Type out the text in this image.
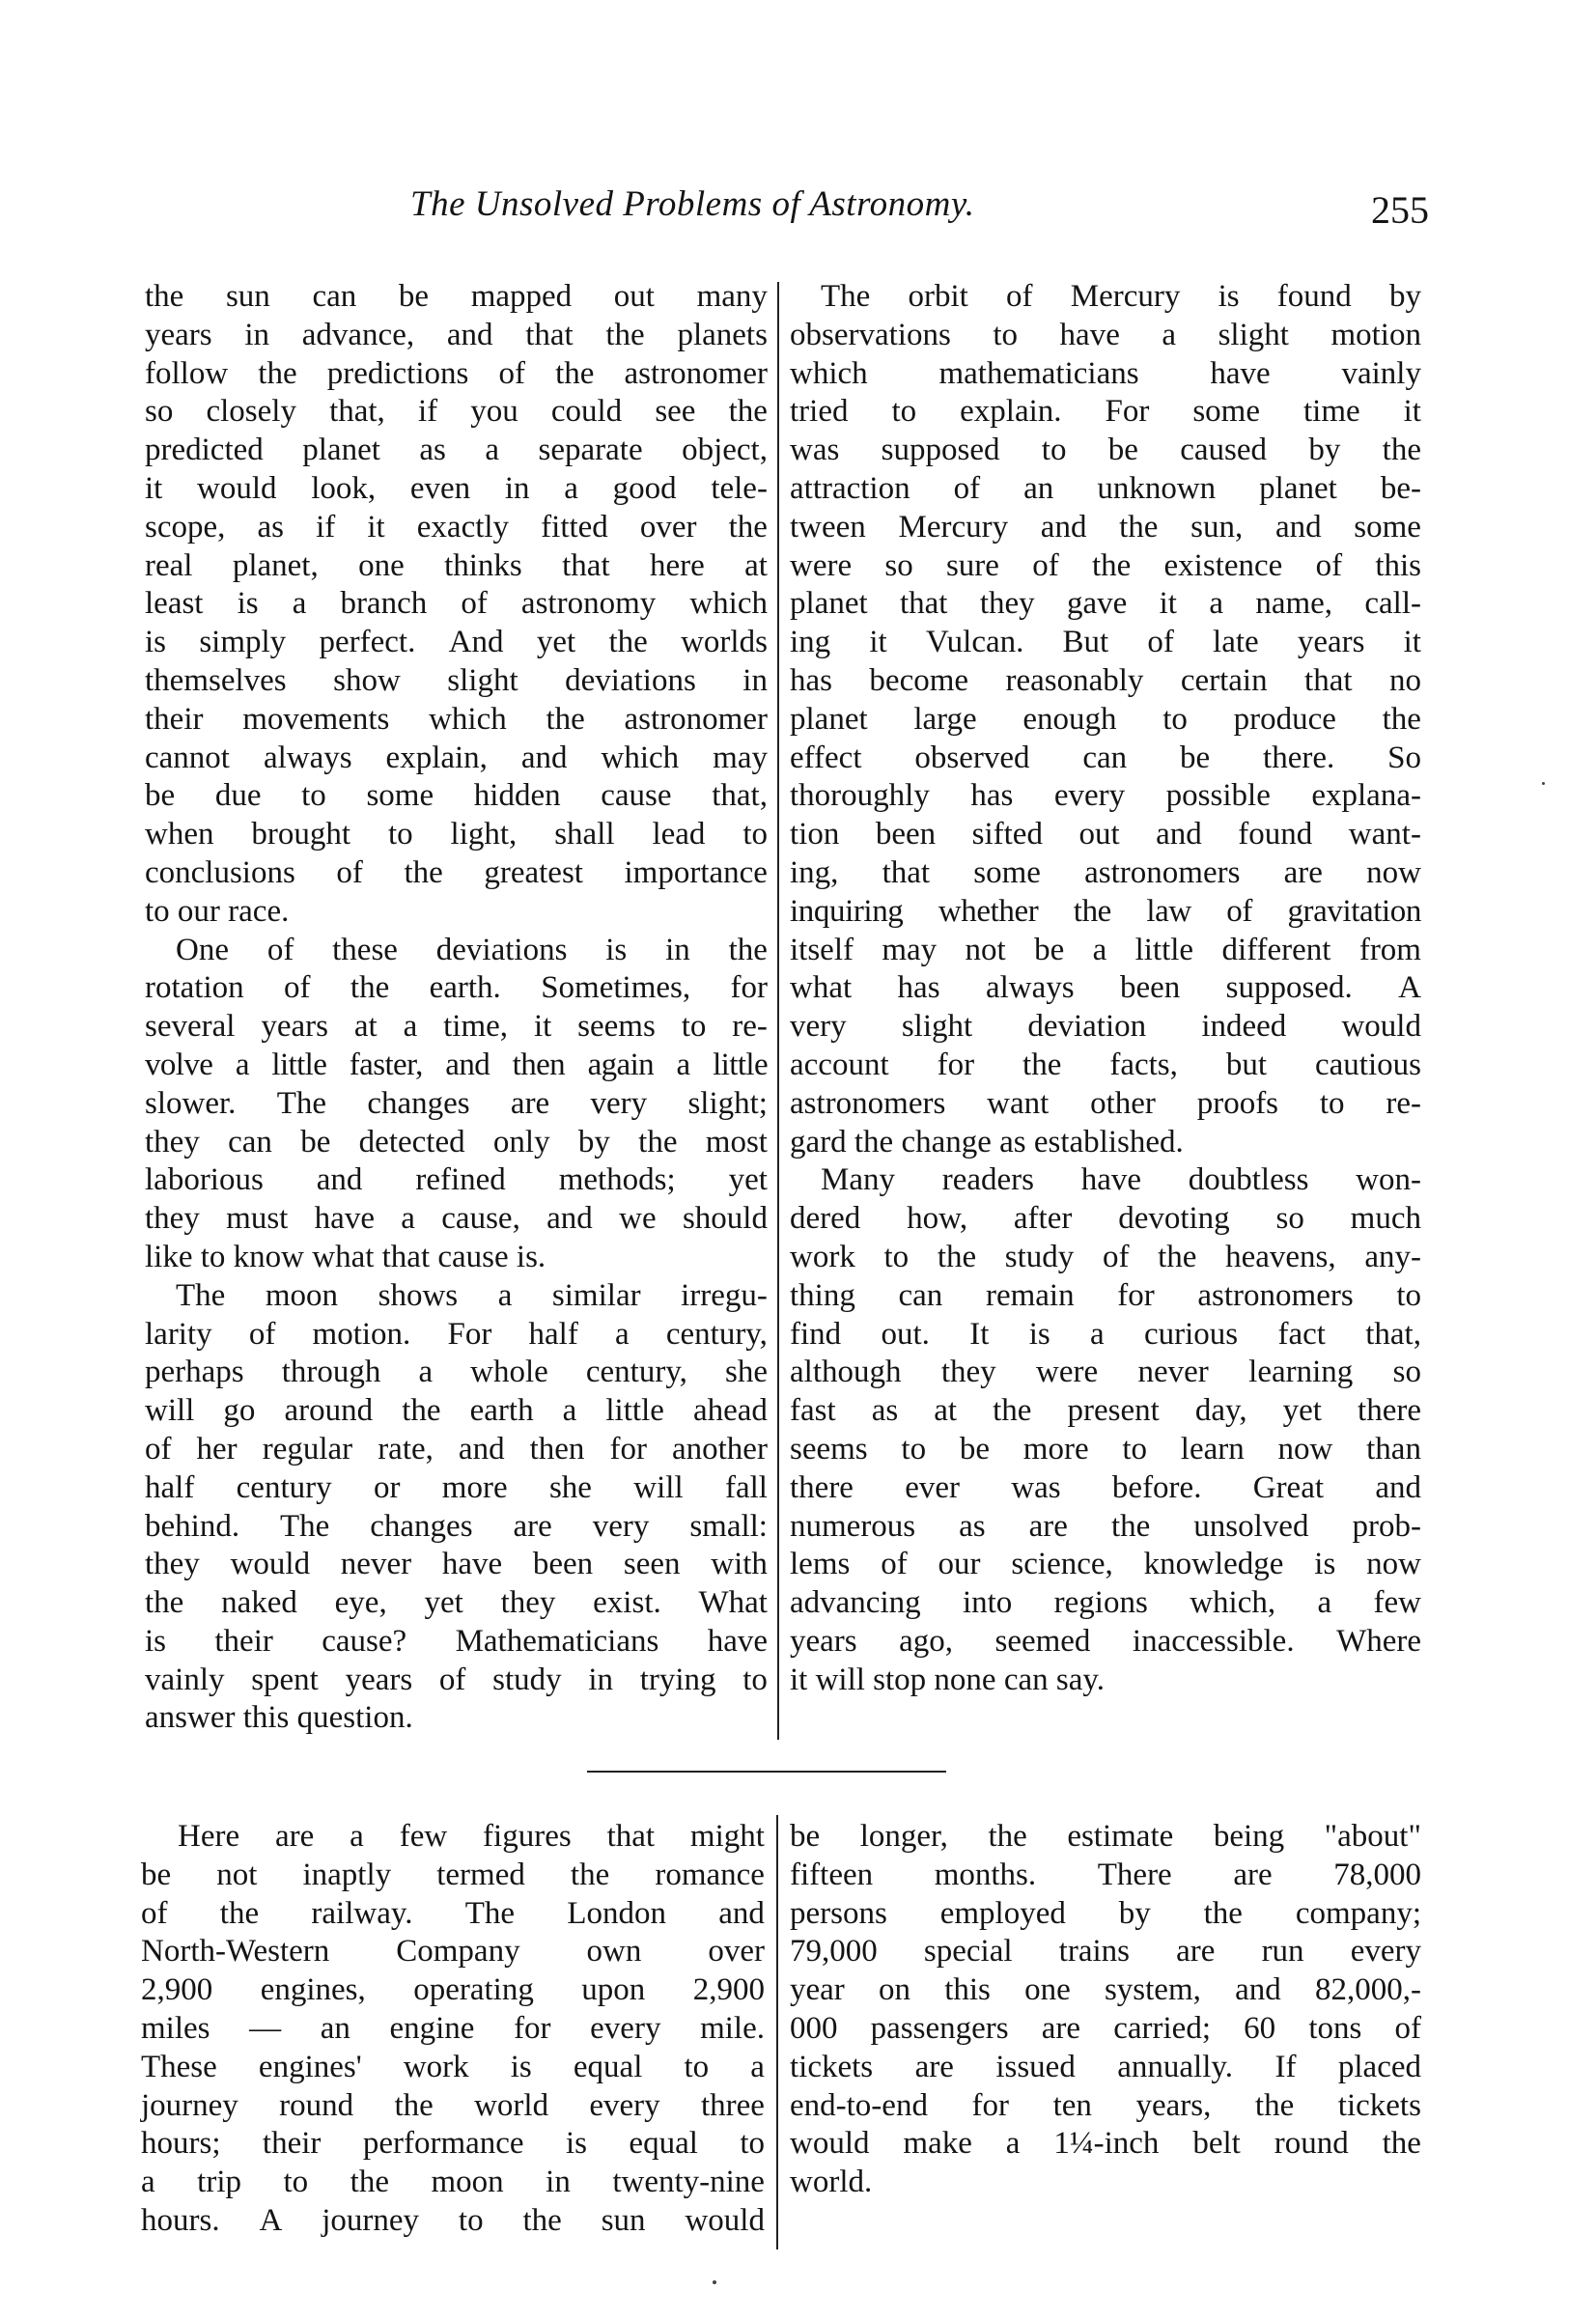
The Unsolved Problems of Astronomy.	255
the sun can be mapped out many
years in advance, and that the planets
follow the predictions of the astronomer
so closely that, if you could see the
predicted planet as a separate object,
it would look, even in a good tele-
scope, as if it exactly fitted over the
real planet, one thinks that here at
least is a branch of astronomy which
is simply perfect. And yet the worlds
themselves show slight deviations in
their movements which the astronomer
cannot always explain, and which may
be due to some hidden cause that,
when brought to light, shall lead to
conclusions of the greatest importance
to our race.
One of these deviations is in the
rotation of the earth. Sometimes, for
several years at a time, it seems to re-
volve a little faster, and then again a little
slower. The changes are very slight;
they can be detected only by the most
laborious and refined methods; yet
they must have a cause, and we should
like to know what that cause is.
The moon shows a similar irregu-
larity of motion. For half a century,
perhaps through a whole century, she
will go around the earth a little ahead
of her regular rate, and then for another
half century or more she will fall
behind. The changes are very small:
they would never have been seen with
the naked eye, yet they exist. What
is their cause? Mathematicians have
vainly spent years of study in trying to
answer this question.
The orbit of Mercury is found by
observations to have a slight motion
which mathematicians have vainly
tried to explain. For some time it
was supposed to be caused by the
attraction of an unknown planet be-
tween Mercury and the sun, and some
were so sure of the existence of this
planet that they gave it a name, call-
ing it Vulcan. But of late years it
has become reasonably certain that no
planet large enough to produce the
effect observed can be there. So
thoroughly has every possible explana-
tion been sifted out and found want-
ing, that some astronomers are now
inquiring whether the law of gravitation
itself may not be a little different from
what has always been supposed. A
very slight deviation indeed would
account for the facts, but cautious
astronomers want other proofs to re-
gard the change as established.
Many readers have doubtless won-
dered how, after devoting so much
work to the study of the heavens, any-
thing can remain for astronomers to
find out. It is a curious fact that,
although they were never learning so
fast as at the present day, yet there
seems to be more to learn now than
there ever was before. Great and
numerous as are the unsolved prob-
lems of our science, knowledge is now
advancing into regions which, a few
years ago, seemed inaccessible. Where
it will stop none can say.
Here are a few figures that might
be not inaptly termed the romance
of the railway. The London and
North-Western Company own over
2,900 engines, operating upon 2,900
miles — an engine for every mile.
These engines' work is equal to a
journey round the world every three
hours; their performance is equal to
a trip to the moon in twenty-nine
hours. A journey to the sun would
be longer, the estimate being "about"
fifteen months. There are 78,000
persons employed by the company;
79,000 special trains are run every
year on this one system, and 82,000,-
000 passengers are carried; 60 tons of
tickets are issued annually. If placed
end-to-end for ten years, the tickets
would make a 1¼-inch belt round the
world.
